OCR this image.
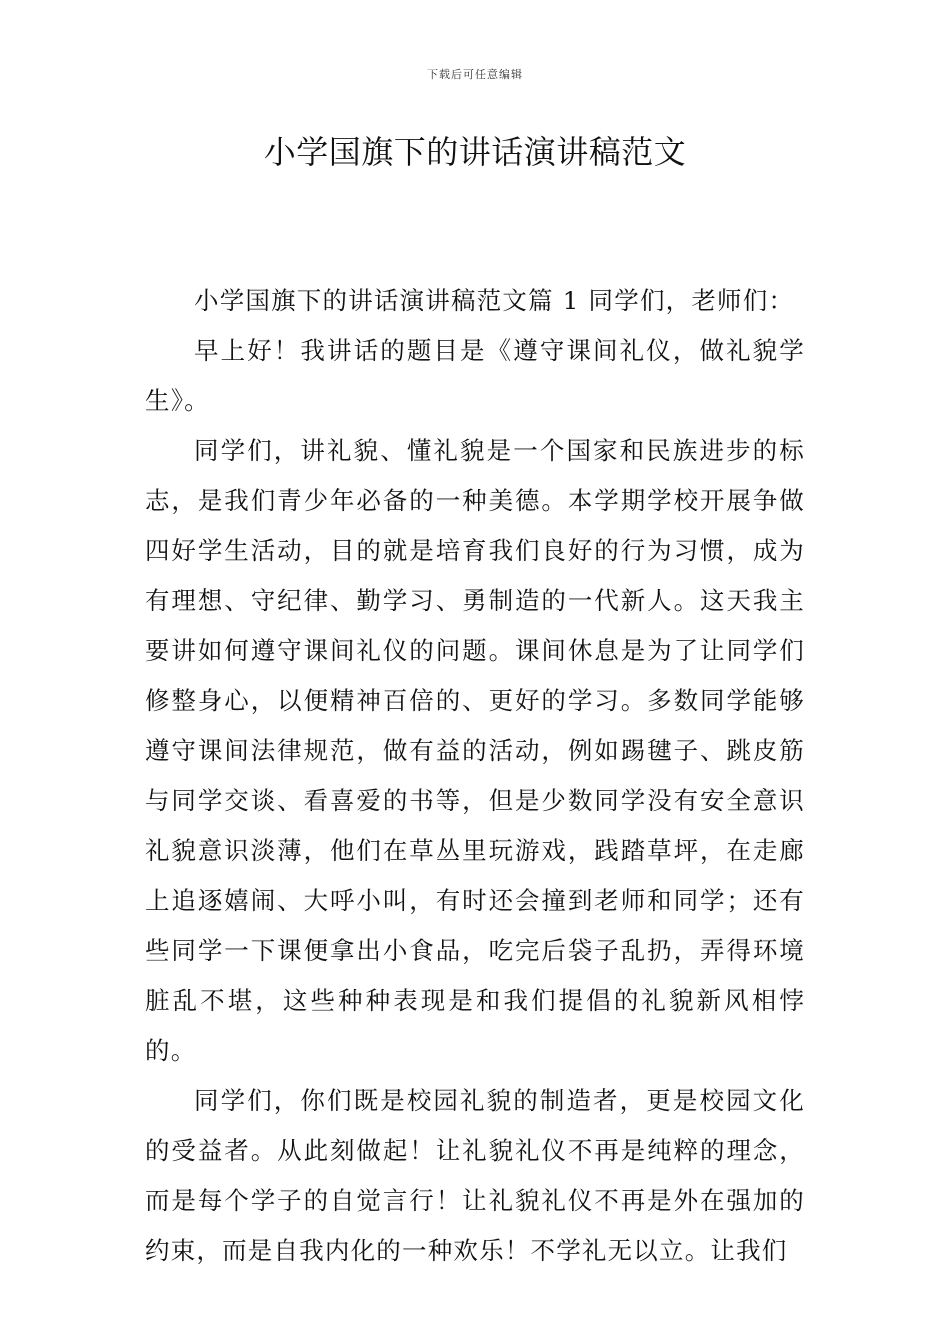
下载后可任意编辑
小学国旗下的讲话演讲稿范文

小学国旗下的讲话演讲稿范文篇 1 同学们，老师们：

早上好！我讲话的题目是《遵守课间礼仪，做礼貌学生》。

同学们，讲礼貌、懂礼貌是一个国家和民族进步的标志，是我们青少年必备的一种美德。本学期学校开展争做四好学生活动，目的就是培育我们良好的行为习惯，成为有理想、守纪律、勤学习、勇制造的一代新人。这天我主要讲如何遵守课间礼仪的问题。课间休息是为了让同学们修整身心，以便精神百倍的、更好的学习。多数同学能够遵守课间法律规范，做有益的活动，例如踢毽子、跳皮筋与同学交谈、看喜爱的书等，但是少数同学没有安全意识礼貌意识淡薄，他们在草丛里玩游戏，践踏草坪，在走廊上追逐嬉闹、大呼小叫，有时还会撞到老师和同学；还有些同学一下课便拿出小食品，吃完后袋子乱扔，弄得环境脏乱不堪，这些种种表现是和我们提倡的礼貌新风相悖的。

同学们，你们既是校园礼貌的制造者，更是校园文化的受益者。从此刻做起！让礼貌礼仪不再是纯粹的理念，而是每个学子的自觉言行！让礼貌礼仪不再是外在强加的约束，而是自我内化的一种欢乐！不学礼无以立。让我们
